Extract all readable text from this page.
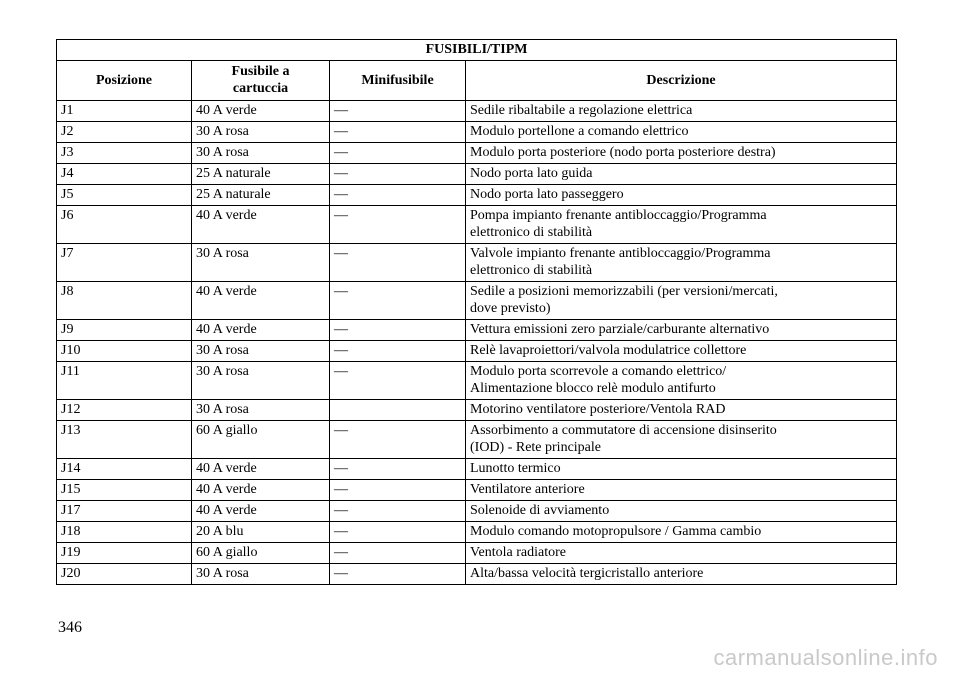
FUSIBILI/TIPM			
Posizione	Fusibile a cartuccia	Minifusibile	Descrizione
J1	40 A verde	—	Sedile ribaltabile a regolazione elettrica
J2	30 A rosa	—	Modulo portellone a comando elettrico
J3	30 A rosa	—	Modulo porta posteriore (nodo porta posteriore destra)
J4	25 A naturale	—	Nodo porta lato guida
J5	25 A naturale	—	Nodo porta lato passeggero
J6	40 A verde	—	Pompa impianto frenante antibloccaggio/Programma
elettronico di stabilità

J7	30 A rosa	—	Valvole impianto frenante antibloccaggio/Programma
elettronico di stabilità

J8	40 A verde	—	Sedile a posizioni memorizzabili (per versioni/mercati,
dove previsto)

J9	40 A verde	—	Vettura emissioni zero parziale/carburante alternativo
J10	30 A rosa	—	Relè lavaproiettori/valvola modulatrice collettore
J11	30 A rosa	—	Modulo porta scorrevole a comando elettrico/
Alimentazione blocco relè modulo antifurto

J12	30 A rosa		Motorino ventilatore posteriore/Ventola RAD
J13	60 A giallo	—	Assorbimento a commutatore di accensione disinserito
(IOD) - Rete principale

J14	40 A verde	—	Lunotto termico
J15	40 A verde	—	Ventilatore anteriore
J17	40 A verde	—	Solenoide di avviamento
J18	20 A blu	—	Modulo comando motopropulsore / Gamma cambio
J19	60 A giallo	—	Ventola radiatore
J20	30 A rosa	—	Alta/bassa velocità tergicristallo anteriore
346
carmanualsonline.info
